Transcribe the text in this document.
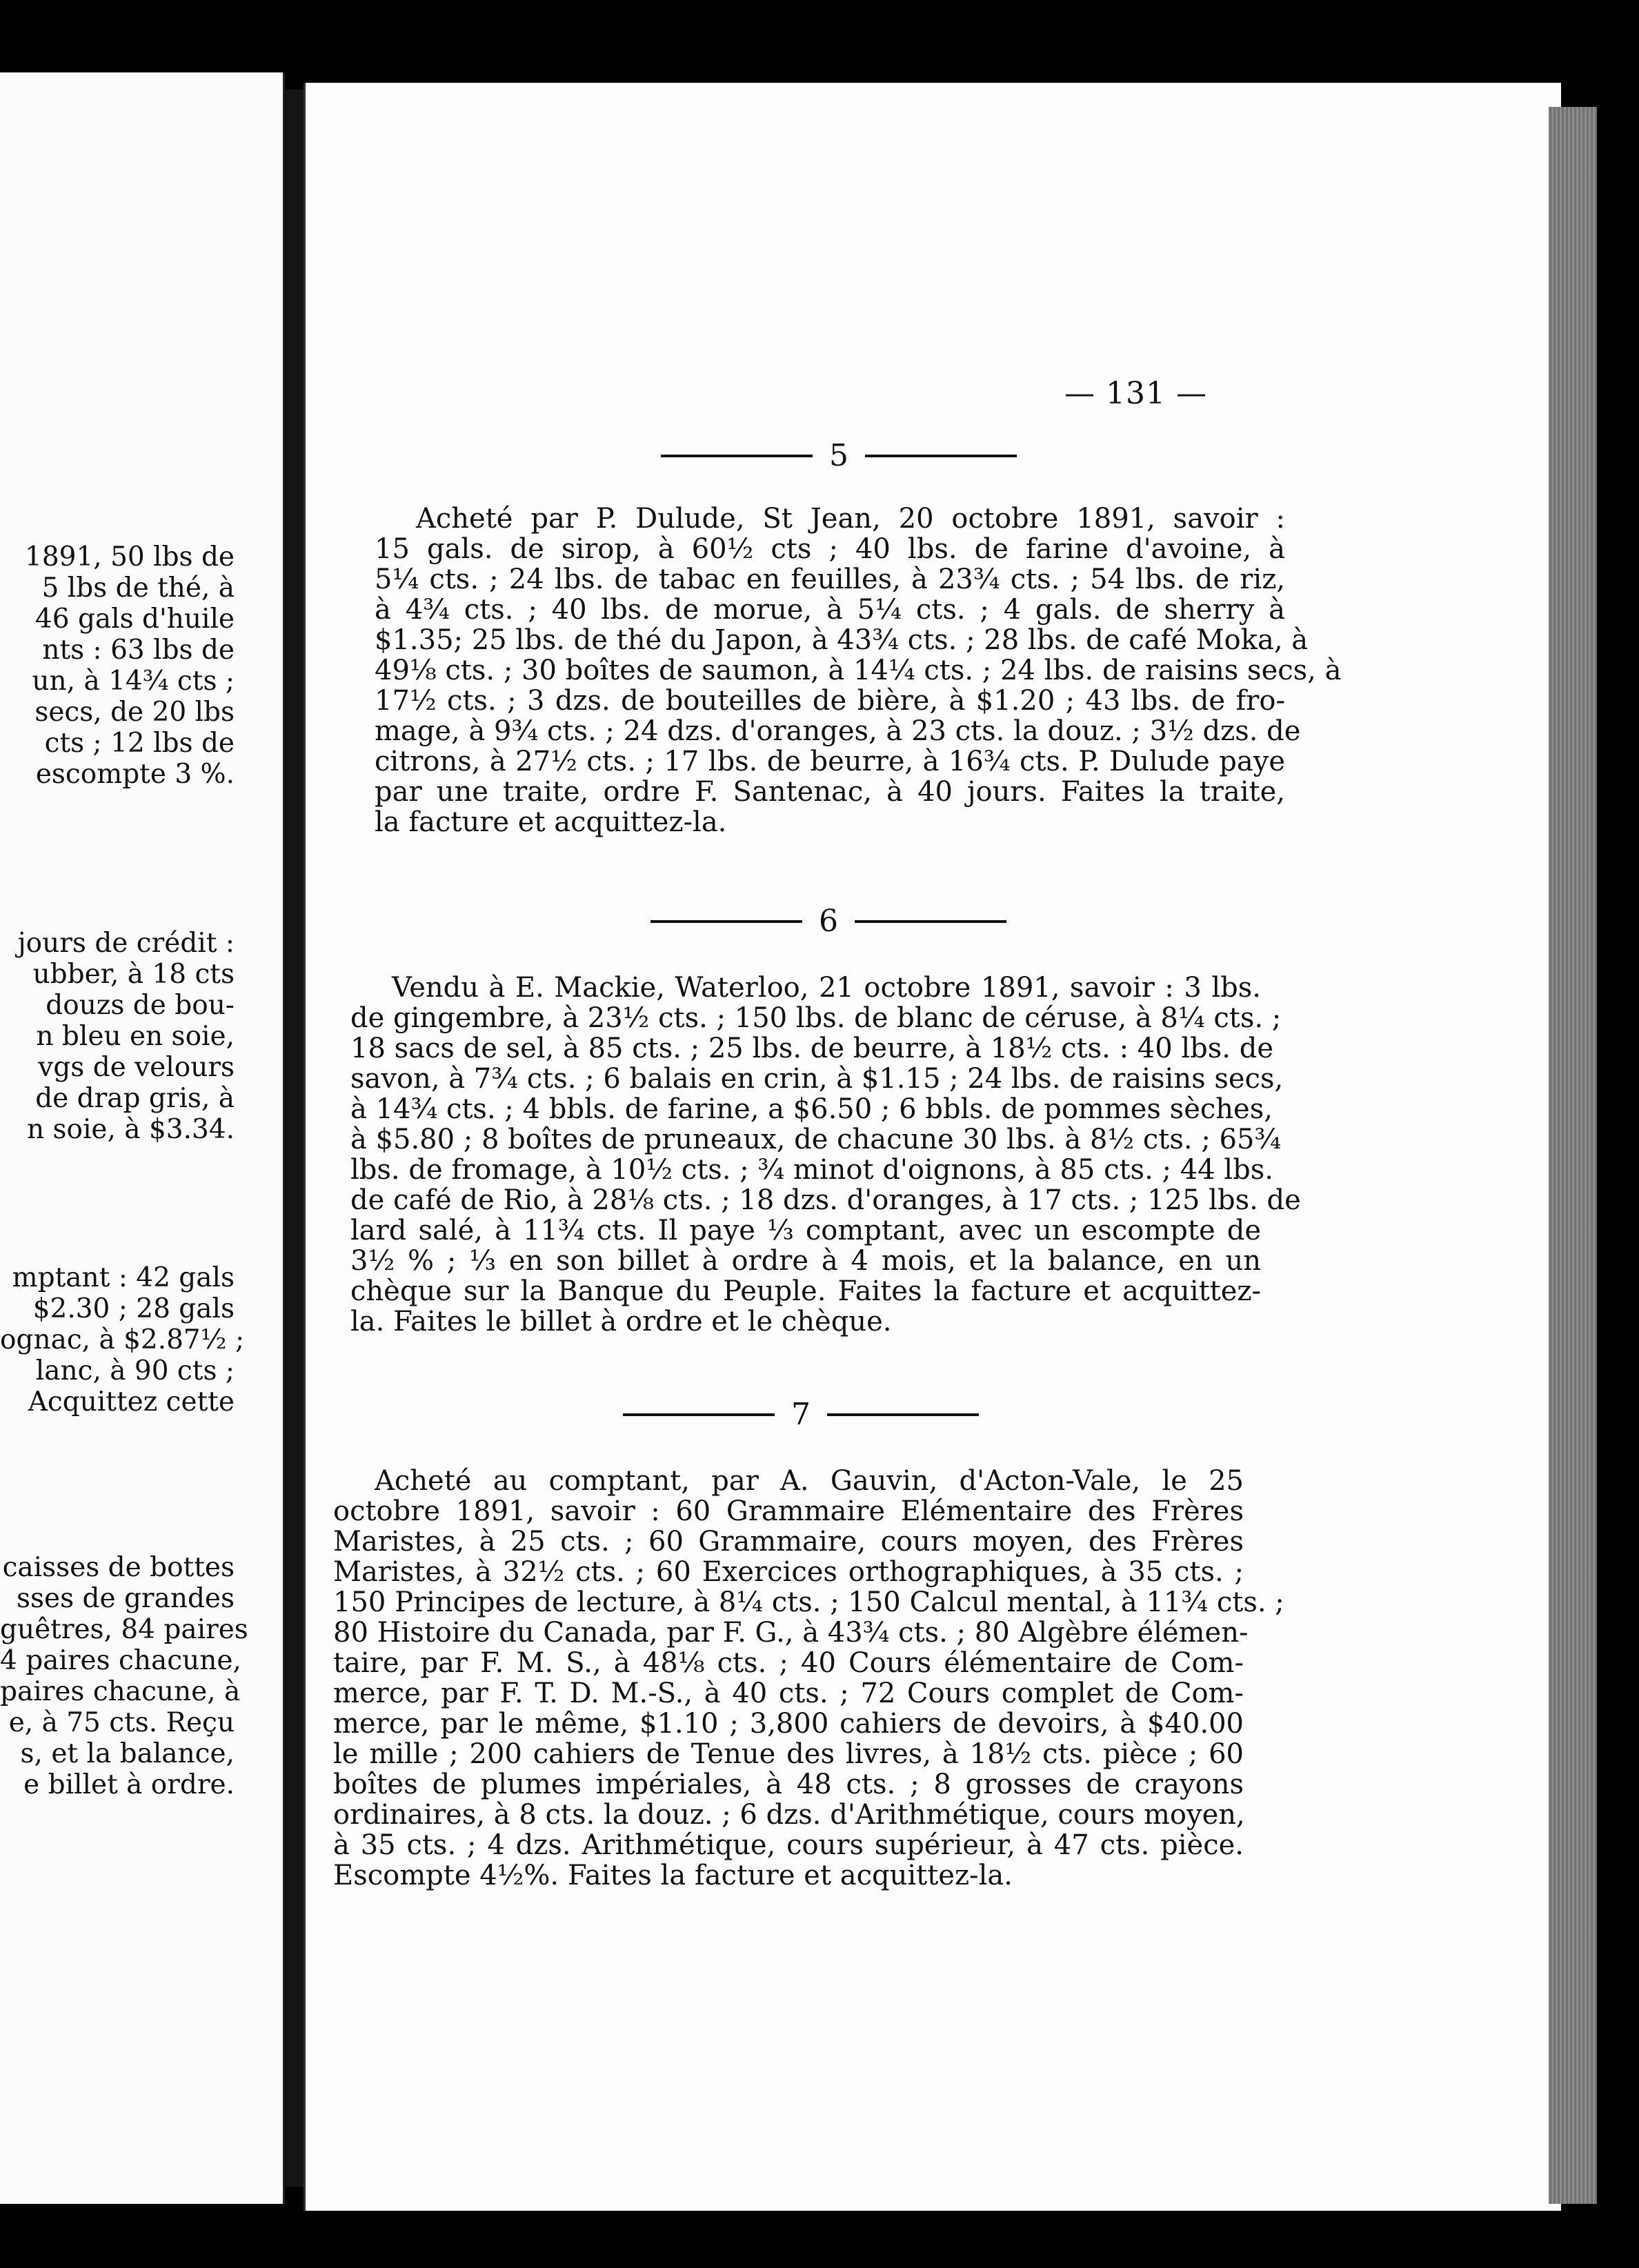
1891, 50 lbs de
5 lbs de thé, à
46 gals d'huile
nts : 63 lbs de
un, à 14¾ cts ;
secs, de 20 lbs
cts ; 12 lbs de
escompte 3 %.
jours de crédit :
ubber, à 18 cts
douzs de bou-
n bleu en soie,
vgs de velours
de drap gris, à
n soie, à $3.34.
mptant : 42 gals
$2.30 ; 28 gals
ognac, à $2.87½ ;
lanc, à 90 cts ;
Acquittez cette
caisses de bottes
sses de grandes
guêtres, 84 paires
4 paires chacune,
paires chacune, à
e, à 75 cts. Reçu
s, et la balance,
e billet à ordre.
— 131 —
5
Acheté par P. Dulude, St Jean, 20 octobre 1891, savoir :
15 gals. de sirop, à 60½ cts ; 40 lbs. de farine d'avoine, à
5¼ cts. ; 24 lbs. de tabac en feuilles, à 23¾ cts. ; 54 lbs. de riz,
à 4¾ cts. ; 40 lbs. de morue, à 5¼ cts. ; 4 gals. de sherry à
$1.35; 25 lbs. de thé du Japon, à 43¾ cts. ; 28 lbs. de café Moka, à
49⅛ cts. ; 30 boîtes de saumon, à 14¼ cts. ; 24 lbs. de raisins secs, à
17½ cts. ; 3 dzs. de bouteilles de bière, à $1.20 ; 43 lbs. de fro-
mage, à 9¾ cts. ; 24 dzs. d'oranges, à 23 cts. la douz. ; 3½ dzs. de
citrons, à 27½ cts. ; 17 lbs. de beurre, à 16¾ cts. P. Dulude paye
par une traite, ordre F. Santenac, à 40 jours. Faites la traite,
la facture et acquittez-la.
6
Vendu à E. Mackie, Waterloo, 21 octobre 1891, savoir : 3 lbs.
de gingembre, à 23½ cts. ; 150 lbs. de blanc de céruse, à 8¼ cts. ;
18 sacs de sel, à 85 cts. ; 25 lbs. de beurre, à 18½ cts. : 40 lbs. de
savon, à 7¾ cts. ; 6 balais en crin, à $1.15 ; 24 lbs. de raisins secs,
à 14¾ cts. ; 4 bbls. de farine, a $6.50 ; 6 bbls. de pommes sèches,
à $5.80 ; 8 boîtes de pruneaux, de chacune 30 lbs. à 8½ cts. ; 65¾
lbs. de fromage, à 10½ cts. ; ¾ minot d'oignons, à 85 cts. ; 44 lbs.
de café de Rio, à 28⅛ cts. ; 18 dzs. d'oranges, à 17 cts. ; 125 lbs. de
lard salé, à 11¾ cts. Il paye ⅓ comptant, avec un escompte de
3½ % ; ⅓ en son billet à ordre à 4 mois, et la balance, en un
chèque sur la Banque du Peuple. Faites la facture et acquittez-
la. Faites le billet à ordre et le chèque.
7
Acheté au comptant, par A. Gauvin, d'Acton-Vale, le 25
octobre 1891, savoir : 60 Grammaire Elémentaire des Frères
Maristes, à 25 cts. ; 60 Grammaire, cours moyen, des Frères
Maristes, à 32½ cts. ; 60 Exercices orthographiques, à 35 cts. ;
150 Principes de lecture, à 8¼ cts. ; 150 Calcul mental, à 11¾ cts. ;
80 Histoire du Canada, par F. G., à 43¾ cts. ; 80 Algèbre élémen-
taire, par F. M. S., à 48⅛ cts. ; 40 Cours élémentaire de Com-
merce, par F. T. D. M.-S., à 40 cts. ; 72 Cours complet de Com-
merce, par le même, $1.10 ; 3,800 cahiers de devoirs, à $40.00
le mille ; 200 cahiers de Tenue des livres, à 18½ cts. pièce ; 60
boîtes de plumes impériales, à 48 cts. ; 8 grosses de crayons
ordinaires, à 8 cts. la douz. ; 6 dzs. d'Arithmétique, cours moyen,
à 35 cts. ; 4 dzs. Arithmétique, cours supérieur, à 47 cts. pièce.
Escompte 4½%. Faites la facture et acquittez-la.
